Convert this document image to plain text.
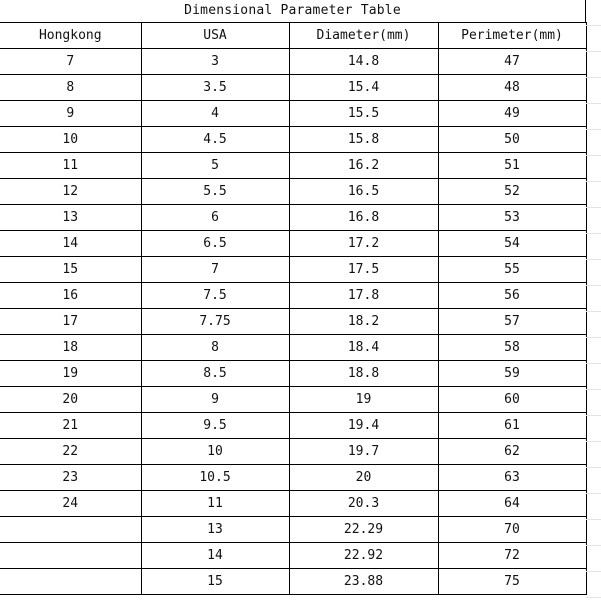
Dimensional Parameter Table
Hongkong	USA	Diameter(mm)	Perimeter(mm)
7	3	14.8	47
8	3.5	15.4	48
9	4	15.5	49
10	4.5	15.8	50
11	5	16.2	51
12	5.5	16.5	52
13	6	16.8	53
14	6.5	17.2	54
15	7	17.5	55
16	7.5	17.8	56
17	7.75	18.2	57
18	8	18.4	58
19	8.5	18.8	59
20	9	19	60
21	9.5	19.4	61
22	10	19.7	62
23	10.5	20	63
24	11	20.3	64
	13	22.29	70
	14	22.92	72
	15	23.88	75
